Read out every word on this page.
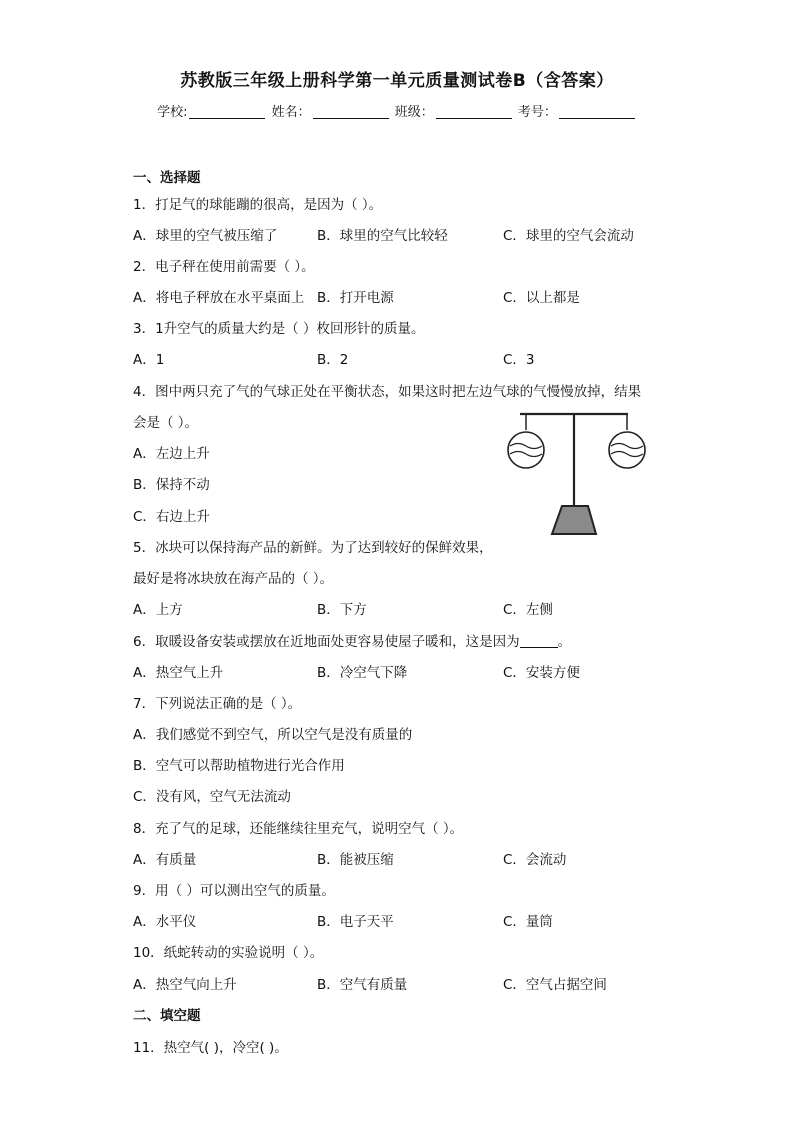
苏教版三年级上册科学第一单元质量测试卷B（含答案）
学校:	姓名：	班级：	考号：
一、选择题
1．打足气的球能蹦的很高，是因为（ ）。
A．球里的空气被压缩了	B．球里的空气比较轻	C．球里的空气会流动
2．电子秤在使用前需要（ ）。
A．将电子秤放在水平桌面上 B．打开电源	C．以上都是
3．1升空气的质量大约是（ ）枚回形针的质量。
A．1	B．2	C．3
4．图中两只充了气的气球正处在平衡状态，如果这时把左边气球的气慢慢放掉，结果
会是（ ）。
A．左边上升
B．保持不动
C．右边上升
5．冰块可以保持海产品的新鲜。为了达到较好的保鲜效果，
最好是将冰块放在海产品的（ ）。
A．上方	B．下方	C．左侧
6．取暖设备安装或摆放在近地面处更容易使屋子暖和，这是因为	。
A．热空气上升	B．冷空气下降	C．安装方便
7．下列说法正确的是（ ）。
A．我们感觉不到空气，所以空气是没有质量的
B．空气可以帮助植物进行光合作用
C．没有风，空气无法流动
8．充了气的足球，还能继续往里充气，说明空气（ ）。
A．有质量	B．能被压缩	C．会流动
9．用（ ）可以测出空气的质量。
A．水平仪	B．电子天平	C．量筒
10．纸蛇转动的实验说明（ ）。
A．热空气向上升	B．空气有质量	C．空气占据空间
二、填空题
11．热空气( )，冷空( )。
